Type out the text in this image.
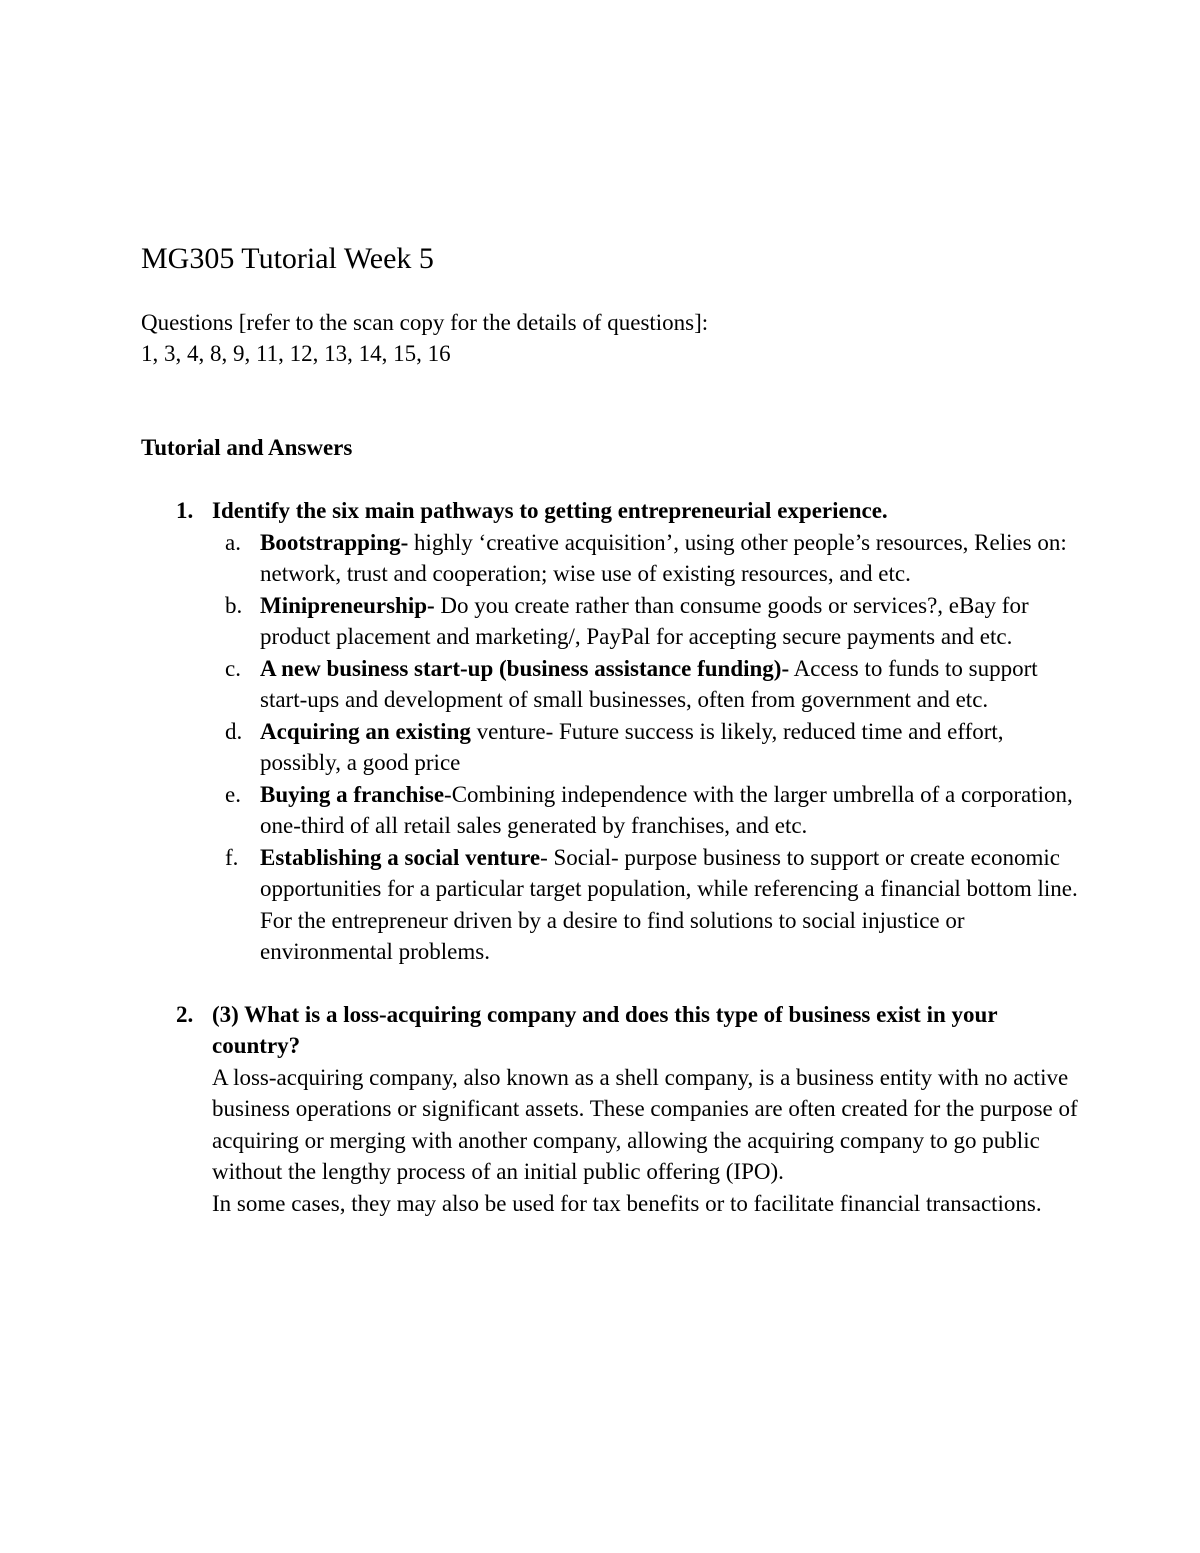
MG305 Tutorial Week 5
Questions [refer to the scan copy for the details of questions]:
1, 3, 4, 8, 9, 11, 12, 13, 14, 15, 16
Tutorial and Answers
1. Identify the six main pathways to getting entrepreneurial experience.
a. Bootstrapping- highly ‘creative acquisition’, using other people’s resources, Relies on: network, trust and cooperation; wise use of existing resources, and etc.
b. Minipreneurship- Do you create rather than consume goods or services?, eBay for product placement and marketing/, PayPal for accepting secure payments and etc.
c. A new business start-up (business assistance funding)- Access to funds to support start-ups and development of small businesses, often from government and etc.
d. Acquiring an existing venture- Future success is likely, reduced time and effort, possibly, a good price
e. Buying a franchise-Combining independence with the larger umbrella of a corporation, one-third of all retail sales generated by franchises, and etc.
f. Establishing a social venture- Social- purpose business to support or create economic opportunities for a particular target population, while referencing a financial bottom line. For the entrepreneur driven by a desire to find solutions to social injustice or environmental problems.
2. (3) What is a loss-acquiring company and does this type of business exist in your country?
A loss-acquiring company, also known as a shell company, is a business entity with no active business operations or significant assets. These companies are often created for the purpose of acquiring or merging with another company, allowing the acquiring company to go public without the lengthy process of an initial public offering (IPO).
In some cases, they may also be used for tax benefits or to facilitate financial transactions.
